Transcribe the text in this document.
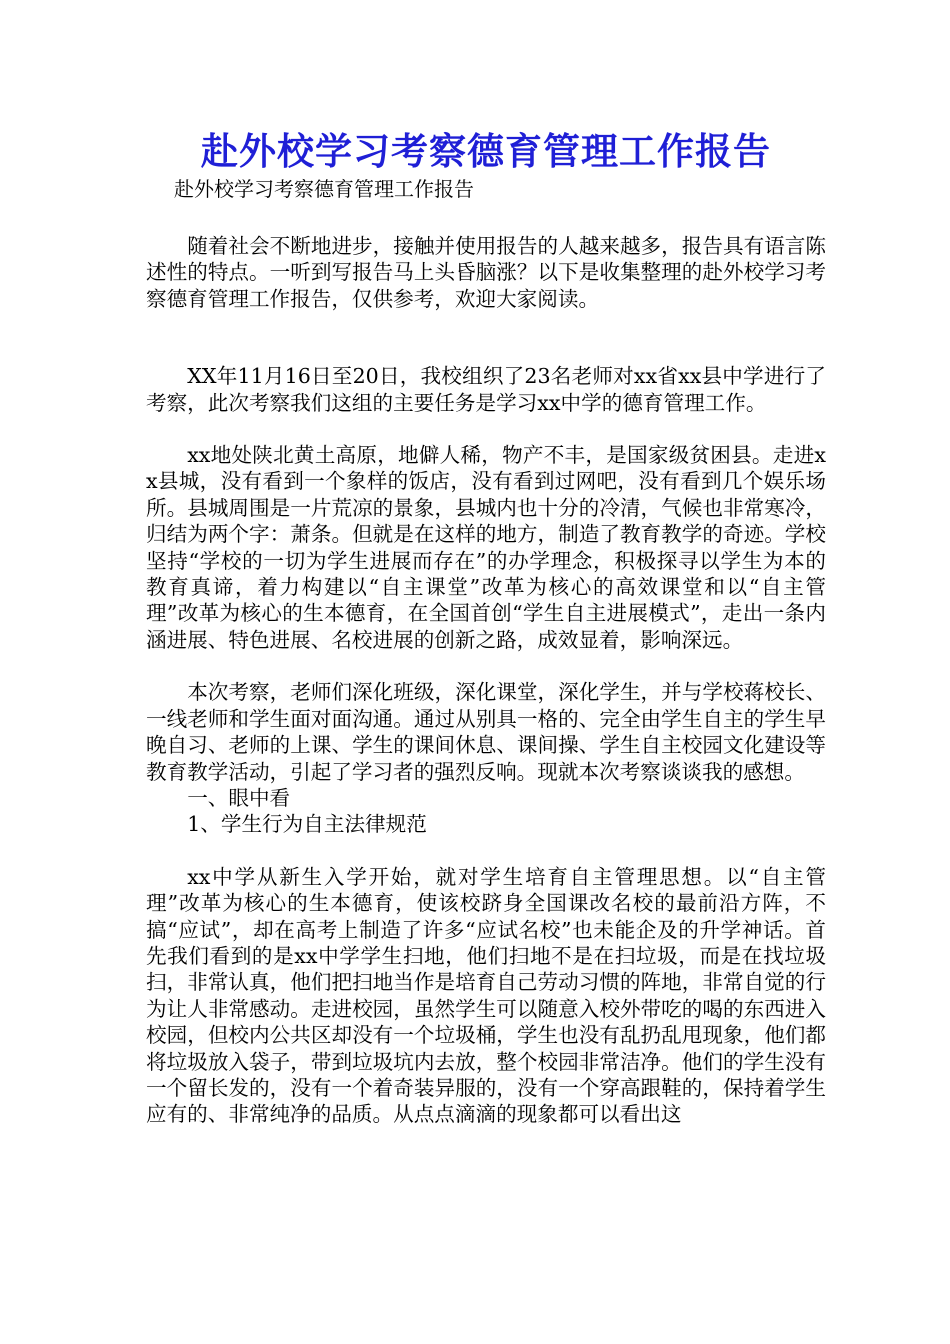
赴外校学习考察德育管理工作报告

赴外校学习考察德育管理工作报告

随着社会不断地进步，接触并使用报告的人越来越多，报告具有语言陈述性的特点。一听到写报告马上头昏脑涨？以下是收集整理的赴外校学习考察德育管理工作报告，仅供参考，欢迎大家阅读。

XX年11月16日至20日，我校组织了23名老师对xx省xx县中学进行了考察，此次考察我们这组的主要任务是学习xx中学的德育管理工作。

xx地处陕北黄土高原，地僻人稀，物产不丰，是国家级贫困县。走进xx县城，没有看到一个象样的饭店，没有看到过网吧，没有看到几个娱乐场所。县城周围是一片荒凉的景象，县城内也十分的冷清，气候也非常寒冷，归结为两个字：萧条。但就是在这样的地方，制造了教育教学的奇迹。学校坚持“学校的一切为学生进展而存在”的办学理念，积极探寻以学生为本的教育真谛，着力构建以“自主课堂”改革为核心的高效课堂和以“自主管理”改革为核心的生本德育，在全国首创“学生自主进展模式”，走出一条内涵进展、特色进展、名校进展的创新之路，成效显着，影响深远。

本次考察，老师们深化班级，深化课堂，深化学生，并与学校蒋校长、一线老师和学生面对面沟通。通过从别具一格的、完全由学生自主的学生早晚自习、老师的上课、学生的课间休息、课间操、学生自主校园文化建设等教育教学活动，引起了学习者的强烈反响。现就本次考察谈谈我的感想。

一、眼中看

1、学生行为自主法律规范

xx中学从新生入学开始，就对学生培育自主管理思想。以“自主管理”改革为核心的生本德育，使该校跻身全国课改名校的最前沿方阵，不搞“应试”，却在高考上制造了许多“应试名校”也未能企及的升学神话。首先我们看到的是xx中学学生扫地，他们扫地不是在扫垃圾，而是在找垃圾扫，非常认真，他们把扫地当作是培育自己劳动习惯的阵地，非常自觉的行为让人非常感动。走进校园，虽然学生可以随意入校外带吃的喝的东西进入校园，但校内公共区却没有一个垃圾桶，学生也没有乱扔乱甩现象，他们都将垃圾放入袋子，带到垃圾坑内去放，整个校园非常洁净。他们的学生没有一个留长发的，没有一个着奇装异服的，没有一个穿高跟鞋的，保持着学生应有的、非常纯净的品质。从点点滴滴的现象都可以看出这
